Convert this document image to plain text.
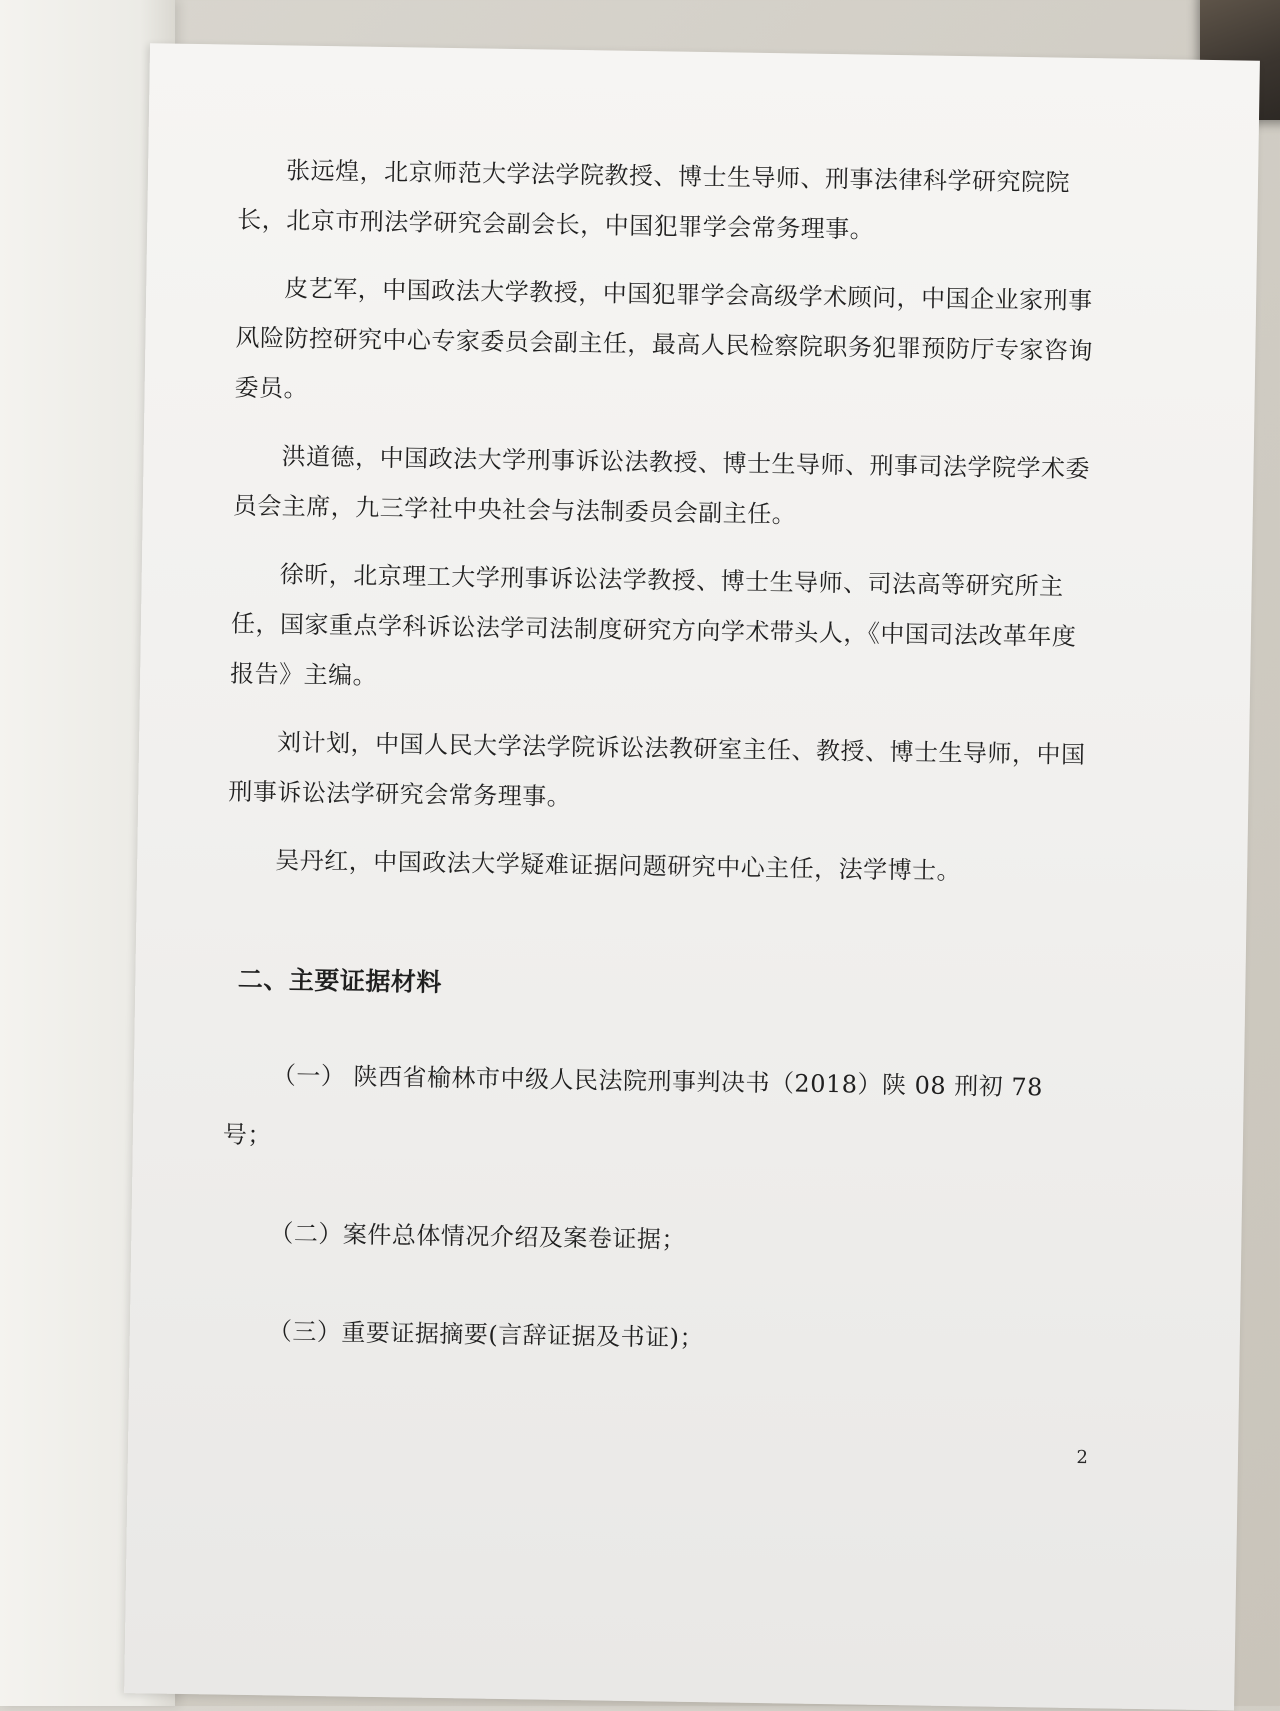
张远煌，北京师范大学法学院教授、博士生导师、刑事法律科学研究院院长，北京市刑法学研究会副会长，中国犯罪学会常务理事。

皮艺军，中国政法大学教授，中国犯罪学会高级学术顾问，中国企业家刑事风险防控研究中心专家委员会副主任，最高人民检察院职务犯罪预防厅专家咨询委员。

洪道德，中国政法大学刑事诉讼法教授、博士生导师、刑事司法学院学术委员会主席，九三学社中央社会与法制委员会副主任。

徐昕，北京理工大学刑事诉讼法学教授、博士生导师、司法高等研究所主任，国家重点学科诉讼法学司法制度研究方向学术带头人，《中国司法改革年度报告》主编。

刘计划，中国人民大学法学院诉讼法教研室主任、教授、博士生导师，中国刑事诉讼法学研究会常务理事。

吴丹红，中国政法大学疑难证据问题研究中心主任，法学博士。

二、主要证据材料

（一） 陕西省榆林市中级人民法院刑事判决书（2018）陕 08 刑初 78 号；

（二）案件总体情况介绍及案卷证据；

（三）重要证据摘要(言辞证据及书证)；

2
